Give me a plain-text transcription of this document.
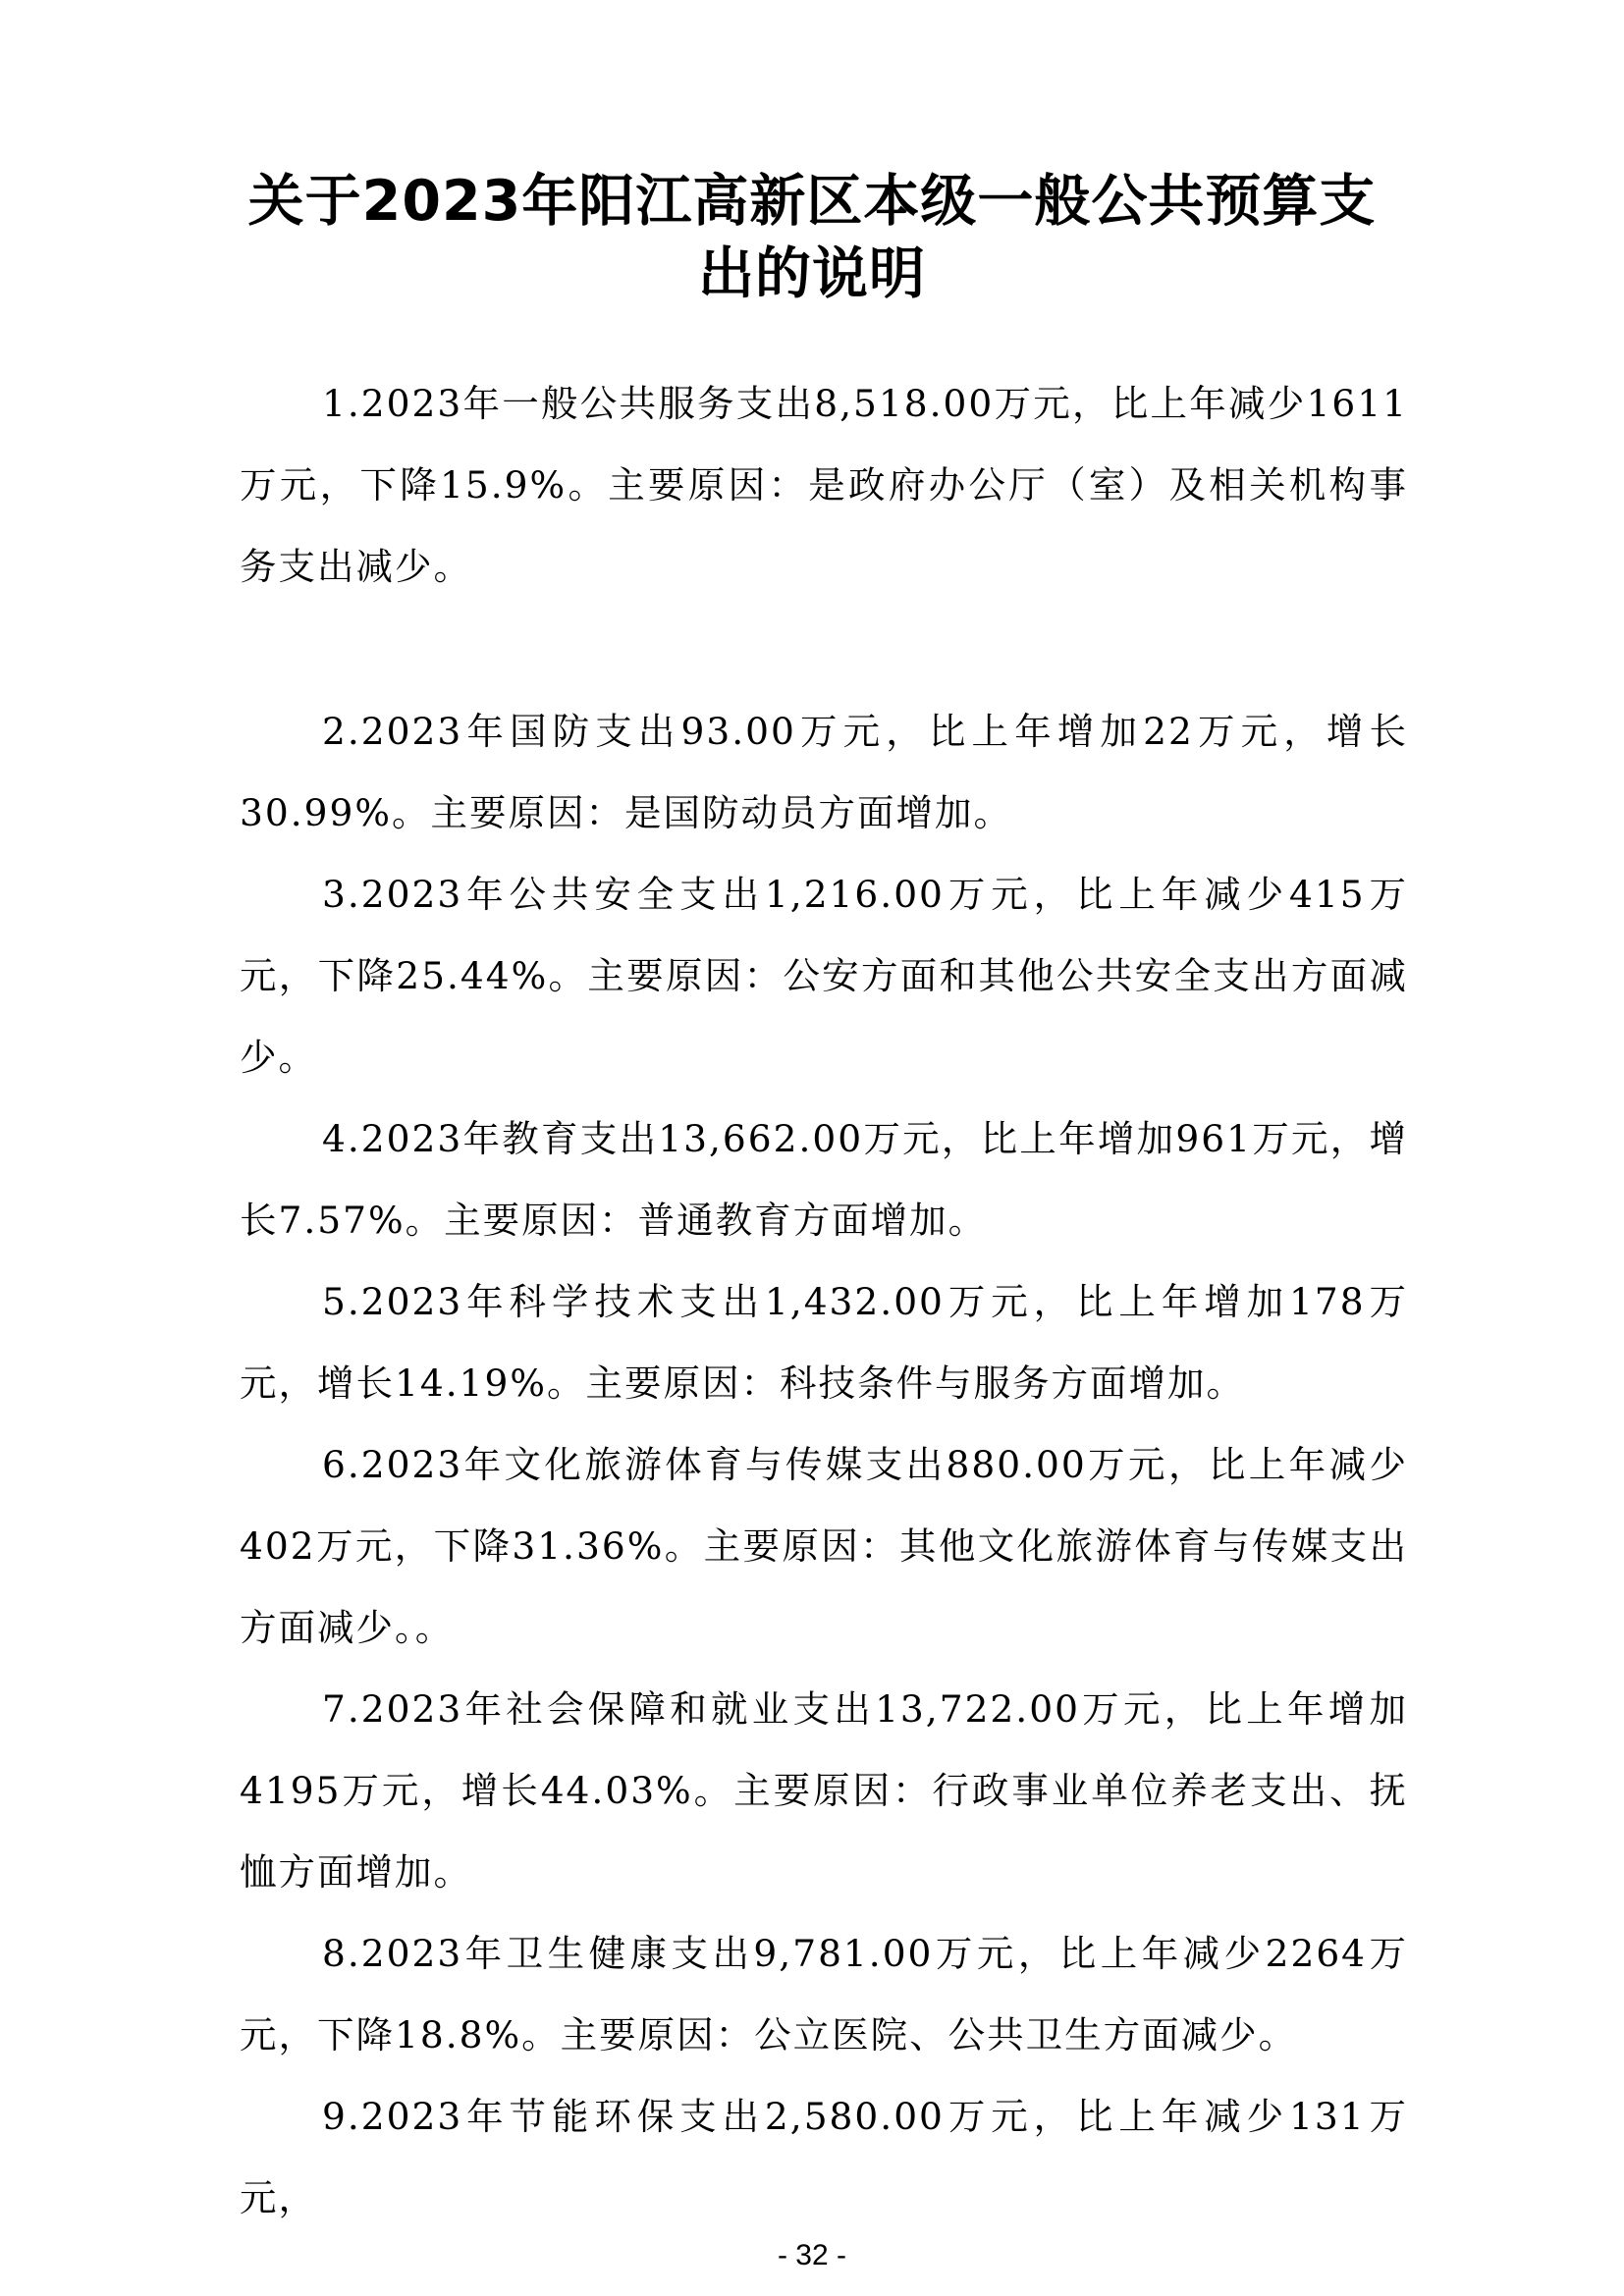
关于2023年阳江高新区本级一般公共预算支出的说明

1.2023年一般公共服务支出8,518.00万元，比上年减少1611万元，下降15.9%。主要原因：是政府办公厅（室）及相关机构事务支出减少。

2.2023年国防支出93.00万元，比上年增加22万元，增长30.99%。主要原因：是国防动员方面增加。

3.2023年公共安全支出1,216.00万元，比上年减少415万元，下降25.44%。主要原因：公安方面和其他公共安全支出方面减少。

4.2023年教育支出13,662.00万元，比上年增加961万元，增长7.57%。主要原因：普通教育方面增加。

5.2023年科学技术支出1,432.00万元，比上年增加178万元，增长14.19%。主要原因：科技条件与服务方面增加。

6.2023年文化旅游体育与传媒支出880.00万元，比上年减少402万元，下降31.36%。主要原因：其他文化旅游体育与传媒支出方面减少。。

7.2023年社会保障和就业支出13,722.00万元，比上年增加4195万元，增长44.03%。主要原因：行政事业单位养老支出、抚恤方面增加。

8.2023年卫生健康支出9,781.00万元，比上年减少2264万元，下降18.8%。主要原因：公立医院、公共卫生方面减少。

9.2023年节能环保支出2,580.00万元，比上年减少131万元，

- 32 -
